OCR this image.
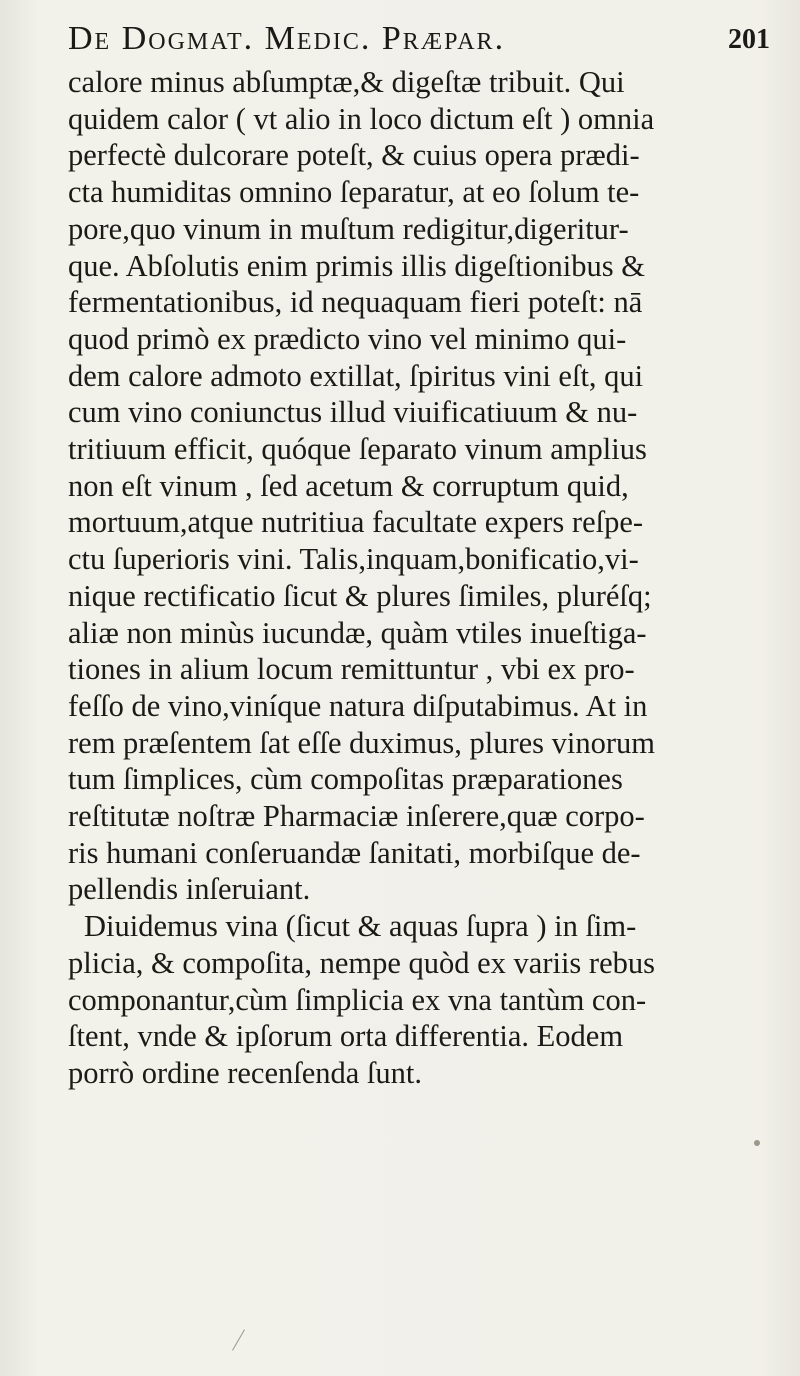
De Dogmat. Medic. Præpar.	201
calore minus abſumptæ,& digeſtæ tribuit. Qui
quidem calor ( vt alio in loco dictum eſt ) omnia
perfectè dulcorare poteſt, & cuius opera prædi-
cta humiditas omnino ſeparatur, at eo ſolum te-
pore,quo vinum in muſtum redigitur,digeritur-
que. Abſolutis enim primis illis digeſtionibus &
fermentationibus, id nequaquam fieri poteſt: nā
quod primò ex prædicto vino vel minimo qui-
dem calore admoto extillat, ſpiritus vini eſt, qui
cum vino coniunctus illud viuificatiuum & nu-
tritiuum efficit, quóque ſeparato vinum amplius
non eſt vinum , ſed acetum & corruptum quid,
mortuum,atque nutritiua facultate expers reſpe-
ctu ſuperioris vini. Talis,inquam,bonificatio,vi-
nique rectificatio ſicut & plures ſimiles, pluréſq;
aliæ non minùs iucundæ, quàm vtiles inueſtiga-
tiones in alium locum remittuntur , vbi ex pro-
feſſo de vino,viníque natura diſputabimus. At in
rem præſentem ſat eſſe duximus, plures vinorum
tum ſimplices, cùm compoſitas præparationes
reſtitutæ noſtræ Pharmaciæ inſerere,quæ corpo-
ris humani conſeruandæ ſanitati, morbiſque de-
pellendis inſeruiant.
Diuidemus vina (ſicut & aquas ſupra ) in ſim-
plicia, & compoſita, nempe quòd ex variis rebus
componantur,cùm ſimplicia ex vna tantùm con-
ſtent, vnde & ipſorum orta differentia. Eodem
porrò ordine recenſenda ſunt.
